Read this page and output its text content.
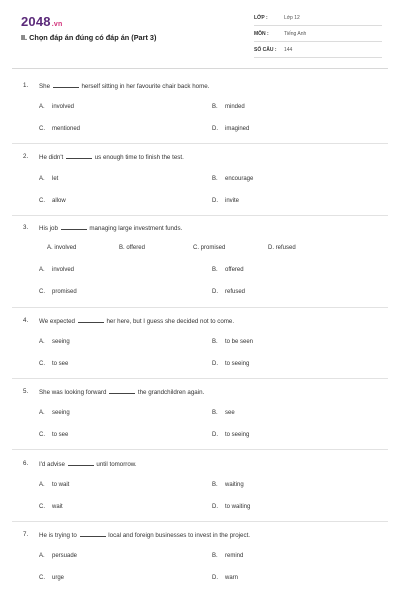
2048.vn
II. Chọn đáp án đúng có đáp án (Part 3)
LỚP :	Lớp 12
MÔN :	Tiếng Anh
SỐ CÂU : 144
1. She	herself sitting in her favourite chair back home.
A. involved	B. minded
C. mentioned	D. imagined
2. He didn't	us enough time to finish the test.
A. let	B. encourage
C. allow	D. invite
3. His job	managing large investment funds.
A. involved	B. offered	C. promised	D. refused
A. involved	B. offered
C. promised	D. refused
4. We expected	her here, but I guess she decided not to come.
A. seeing	B. to be seen
C. to see	D. to seeing
5. She was looking forward	the grandchildren again.
A. seeing	B. see
C. to see	D. to seeing
6. I'd advise	until tomorrow.
A. to wait	B. waiting
C. wait	D. to waiting
7. He is trying to	local and foreign businesses to invest in the project.
A. persuade	B. remind
C. urge	D. warn
